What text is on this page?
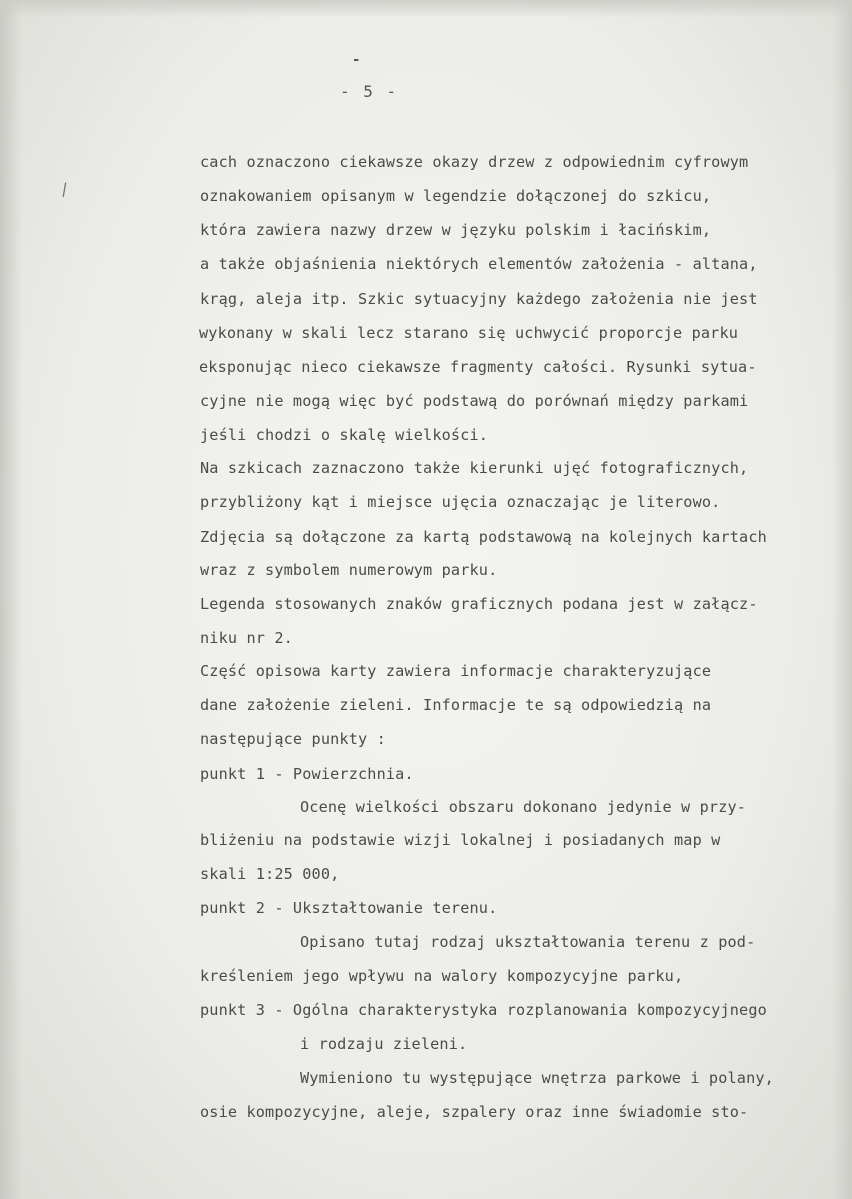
-
- 5 -
\
cach oznaczono ciekawsze okazy drzew z odpowiednim cyfrowym
oznakowaniem opisanym w legendzie dołączonej do szkicu,
która zawiera nazwy drzew w języku polskim i łacińskim,
a także objaśnienia niektórych elementów założenia - altana,
krąg, aleja itp. Szkic sytuacyjny każdego założenia nie jest
wykonany w skali lecz starano się uchwycić proporcje parku
eksponując nieco ciekawsze fragmenty całości. Rysunki sytua-
cyjne nie mogą więc być podstawą do porównań między parkami
jeśli chodzi o skalę wielkości.
Na szkicach zaznaczono także kierunki ujęć fotograficznych,
przybliżony kąt i miejsce ujęcia oznaczając je literowo.
Zdjęcia są dołączone za kartą podstawową na kolejnych kartach
wraz z symbolem numerowym parku.
Legenda stosowanych znaków graficznych podana jest w załącz-
niku nr 2.
Część opisowa karty zawiera informacje charakteryzujące
dane założenie zieleni. Informacje te są odpowiedzią na
następujące punkty :
punkt 1 - Powierzchnia.
Ocenę wielkości obszaru dokonano jedynie w przy-
bliżeniu na podstawie wizji lokalnej i posiadanych map w
skali 1:25 000,
punkt 2 - Ukształtowanie terenu.
Opisano tutaj rodzaj ukształtowania terenu z pod-
kreśleniem jego wpływu na walory kompozycyjne parku,
punkt 3 - Ogólna charakterystyka rozplanowania kompozycyjnego
i rodzaju zieleni.
Wymieniono tu występujące wnętrza parkowe i polany,
osie kompozycyjne, aleje, szpalery oraz inne świadomie sto-
